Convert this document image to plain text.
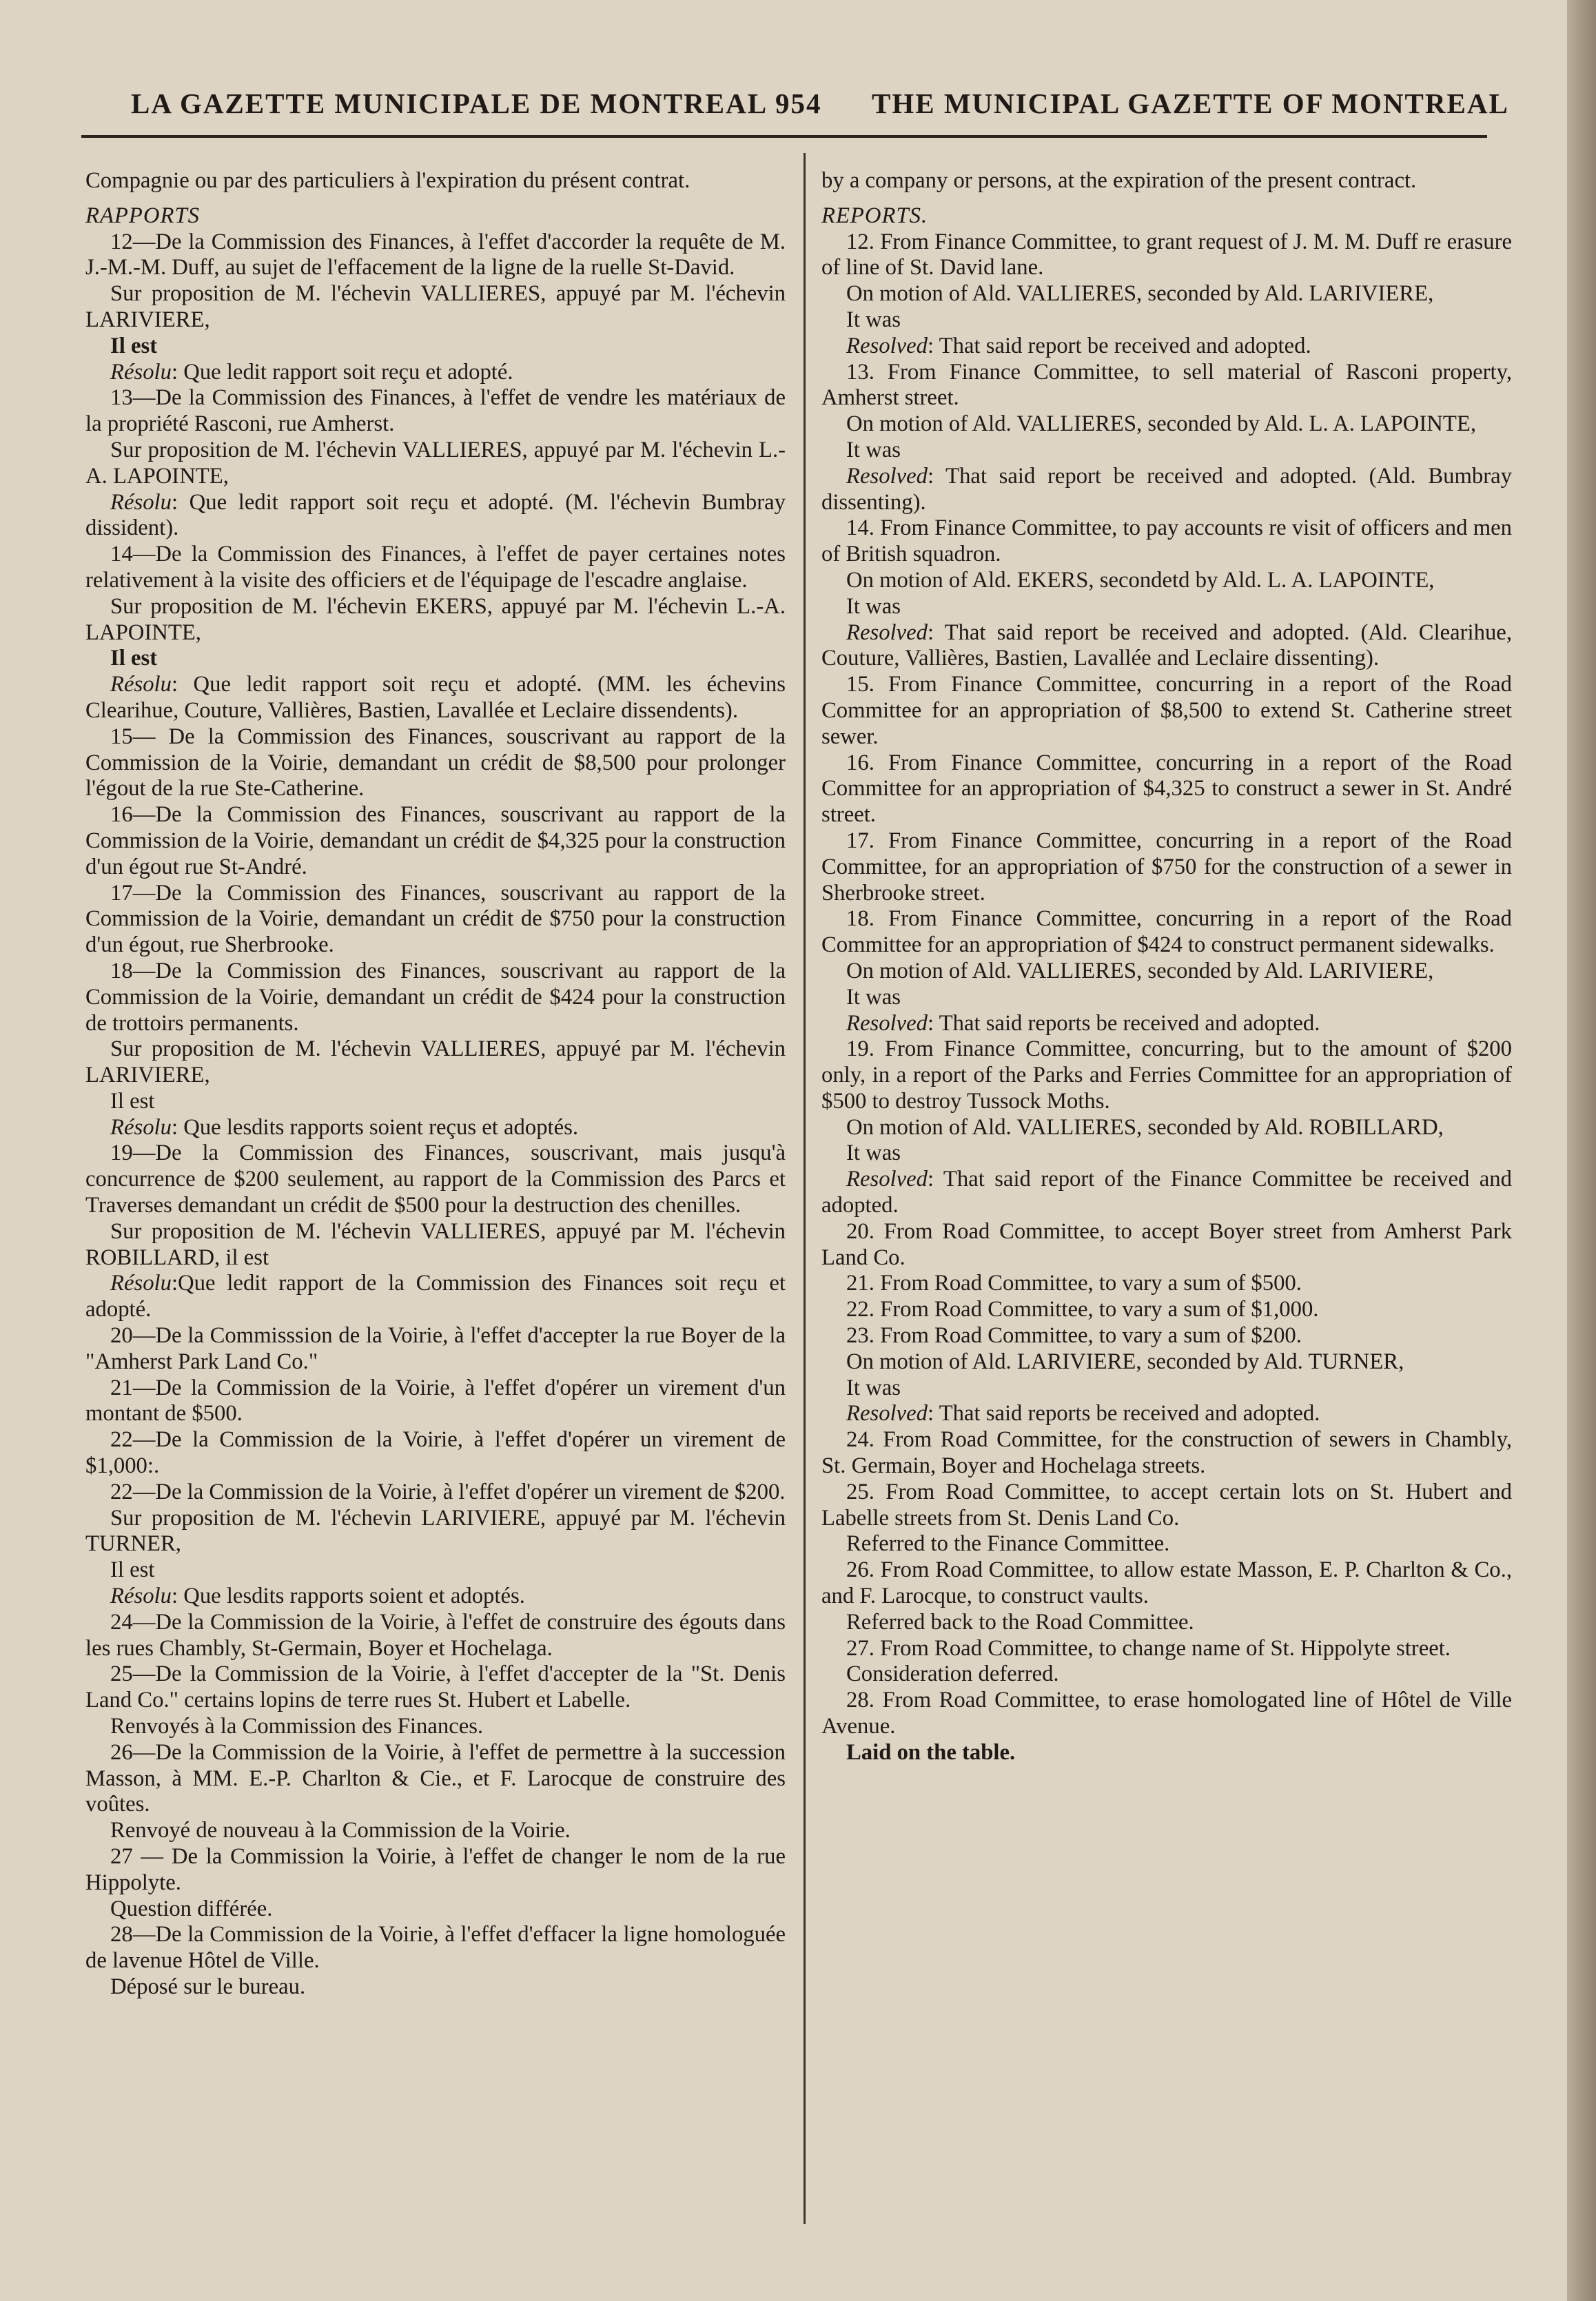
LA GAZETTE MUNICIPALE DE MONTREAL 954 THE MUNICIPAL GAZETTE OF MONTREAL

Compagnie ou par des particuliers à l'expiration du présent contrat.

RAPPORTS

12—De la Commission des Finances, à l'effet d'accorder la requête de M. J.-M.-M. Duff, au sujet de l'effacement de la ligne de la ruelle St-David.

Sur proposition de M. l'échevin VALLIERES, appuyé par M. l'échevin LARIVIERE,

Il est

Résolu: Que ledit rapport soit reçu et adopté.

13—De la Commission des Finances, à l'effet de vendre les matériaux de la propriété Rasconi, rue Amherst.

Sur proposition de M. l'échevin VALLIERES, appuyé par M. l'échevin L.-A. LAPOINTE,

Résolu: Que ledit rapport soit reçu et adopté. (M. l'échevin Bumbray dissident).

14—De la Commission des Finances, à l'effet de payer certaines notes relativement à la visite des officiers et de l'équipage de l'escadre anglaise.

Sur proposition de M. l'échevin EKERS, appuyé par M. l'échevin L.-A. LAPOINTE,

Il est

Résolu: Que ledit rapport soit reçu et adopté. (MM. les échevins Clearihue, Couture, Vallières, Bastien, Lavallée et Leclaire dissendents).

15— De la Commission des Finances, souscrivant au rapport de la Commission de la Voirie, demandant un crédit de $8,500 pour prolonger l'égout de la rue Ste-Catherine.

16—De la Commission des Finances, souscrivant au rapport de la Commission de la Voirie, demandant un crédit de $4,325 pour la construction d'un égout rue St-André.

17—De la Commission des Finances, souscrivant au rapport de la Commission de la Voirie, demandant un crédit de $750 pour la construction d'un égout, rue Sherbrooke.

18—De la Commission des Finances, souscrivant au rapport de la Commission de la Voirie, demandant un crédit de $424 pour la construction de trottoirs permanents.

Sur proposition de M. l'échevin VALLIERES, appuyé par M. l'échevin LARIVIERE,

Il est

Résolu: Que lesdits rapports soient reçus et adoptés.

19—De la Commission des Finances, souscrivant, mais jusqu'à concurrence de $200 seulement, au rapport de la Commission des Parcs et Traverses demandant un crédit de $500 pour la destruction des chenilles.

Sur proposition de M. l'échevin VALLIERES, appuyé par M. l'échevin ROBILLARD, il est

Résolu:Que ledit rapport de la Commission des Finances soit reçu et adopté.

20—De la Commisssion de la Voirie, à l'effet d'accepter la rue Boyer de la "Amherst Park Land Co."

21—De la Commission de la Voirie, à l'effet d'opérer un virement d'un montant de $500.

22—De la Commission de la Voirie, à l'effet d'opérer un virement de $1,000:.

22—De la Commission de la Voirie, à l'effet d'opérer un virement de $200.

Sur proposition de M. l'échevin LARIVIERE, appuyé par M. l'échevin TURNER,

Il est

Résolu: Que lesdits rapports soient et adoptés.

24—De la Commission de la Voirie, à l'effet de construire des égouts dans les rues Chambly, St-Germain, Boyer et Hochelaga.

25—De la Commission de la Voirie, à l'effet d'accepter de la "St. Denis Land Co." certains lopins de terre rues St. Hubert et Labelle.

Renvoyés à la Commission des Finances.

26—De la Commission de la Voirie, à l'effet de permettre à la succession Masson, à MM. E.-P. Charlton & Cie., et F. Larocque de construire des voûtes.

Renvoyé de nouveau à la Commission de la Voirie.

27 — De la Commission la Voirie, à l'effet de changer le nom de la rue Hippolyte.

Question différée.

28—De la Commission de la Voirie, à l'effet d'effacer la ligne homologuée de lavenue Hôtel de Ville.

Déposé sur le bureau.

by a company or persons, at the expiration of the present contract.

REPORTS.

12. From Finance Committee, to grant request of J. M. M. Duff re erasure of line of St. David lane.

On motion of Ald. VALLIERES, seconded by Ald. LARIVIERE,

It was

Resolved: That said report be received and adopted.

13. From Finance Committee, to sell material of Rasconi property, Amherst street.

On motion of Ald. VALLIERES, seconded by Ald. L. A. LAPOINTE,

It was

Resolved: That said report be received and adopted. (Ald. Bumbray dissenting).

14. From Finance Committee, to pay accounts re visit of officers and men of British squadron.

On motion of Ald. EKERS, secondetd by Ald. L. A. LAPOINTE,

It was

Resolved: That said report be received and adopted. (Ald. Clearihue, Couture, Vallières, Bastien, Lavallée and Leclaire dissenting).

15. From Finance Committee, concurring in a report of the Road Committee for an appropriation of $8,500 to extend St. Catherine street sewer.

16. From Finance Committee, concurring in a report of the Road Committee for an appropriation of $4,325 to construct a sewer in St. André street.

17. From Finance Committee, concurring in a report of the Road Committee, for an appropriation of $750 for the construction of a sewer in Sherbrooke street.

18. From Finance Committee, concurring in a report of the Road Committee for an appropriation of $424 to construct permanent sidewalks.

On motion of Ald. VALLIERES, seconded by Ald. LARIVIERE,

It was

Resolved: That said reports be received and adopted.

19. From Finance Committee, concurring, but to the amount of $200 only, in a report of the Parks and Ferries Committee for an appropriation of $500 to destroy Tussock Moths.

On motion of Ald. VALLIERES, seconded by Ald. ROBILLARD,

It was

Resolved: That said report of the Finance Committee be received and adopted.

20. From Road Committee, to accept Boyer street from Amherst Park Land Co.

21. From Road Committee, to vary a sum of $500.

22. From Road Committee, to vary a sum of $1,000.

23. From Road Committee, to vary a sum of $200.

On motion of Ald. LARIVIERE, seconded by Ald. TURNER,

It was

Resolved: That said reports be received and adopted.

24. From Road Committee, for the construction of sewers in Chambly, St. Germain, Boyer and Hochelaga streets.

25. From Road Committee, to accept certain lots on St. Hubert and Labelle streets from St. Denis Land Co.

Referred to the Finance Committee.

26. From Road Committee, to allow estate Masson, E. P. Charlton & Co., and F. Larocque, to construct vaults.

Referred back to the Road Committee.

27. From Road Committee, to change name of St. Hippolyte street.

Consideration deferred.

28. From Road Committee, to erase homologated line of Hôtel de Ville Avenue.

Laid on the table.
